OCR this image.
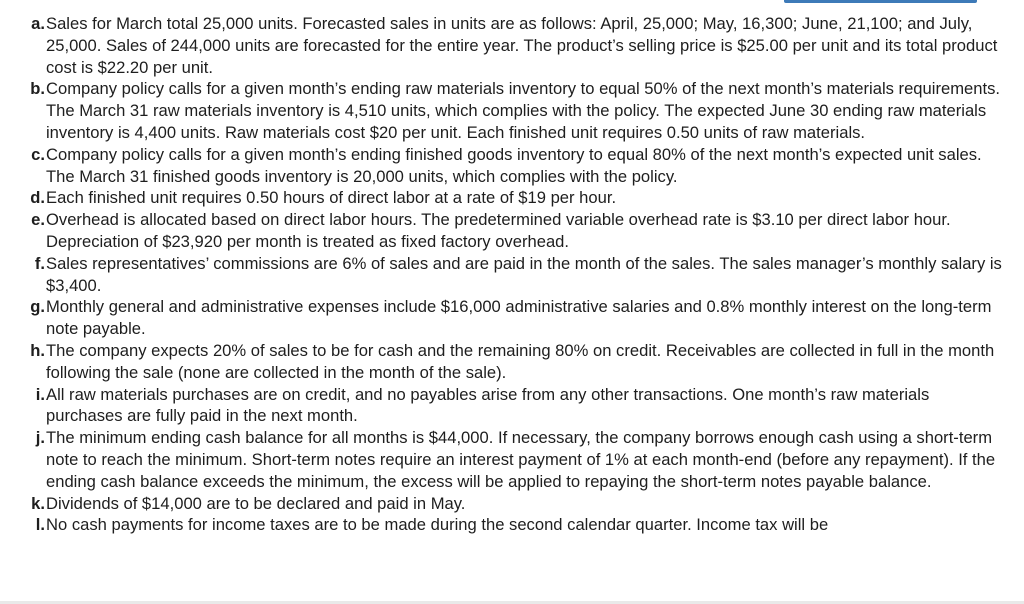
a. Sales for March total 25,000 units. Forecasted sales in units are as follows: April, 25,000; May, 16,300; June, 21,100; and July, 25,000. Sales of 244,000 units are forecasted for the entire year. The product’s selling price is $25.00 per unit and its total product cost is $22.20 per unit.
b. Company policy calls for a given month’s ending raw materials inventory to equal 50% of the next month’s materials requirements. The March 31 raw materials inventory is 4,510 units, which complies with the policy. The expected June 30 ending raw materials inventory is 4,400 units. Raw materials cost $20 per unit. Each finished unit requires 0.50 units of raw materials.
c. Company policy calls for a given month’s ending finished goods inventory to equal 80% of the next month’s expected unit sales. The March 31 finished goods inventory is 20,000 units, which complies with the policy.
d. Each finished unit requires 0.50 hours of direct labor at a rate of $19 per hour.
e. Overhead is allocated based on direct labor hours. The predetermined variable overhead rate is $3.10 per direct labor hour. Depreciation of $23,920 per month is treated as fixed factory overhead.
f. Sales representatives’ commissions are 6% of sales and are paid in the month of the sales. The sales manager’s monthly salary is $3,400.
g. Monthly general and administrative expenses include $16,000 administrative salaries and 0.8% monthly interest on the long-term note payable.
h. The company expects 20% of sales to be for cash and the remaining 80% on credit. Receivables are collected in full in the month following the sale (none are collected in the month of the sale).
i. All raw materials purchases are on credit, and no payables arise from any other transactions. One month’s raw materials purchases are fully paid in the next month.
j. The minimum ending cash balance for all months is $44,000. If necessary, the company borrows enough cash using a short-term note to reach the minimum. Short-term notes require an interest payment of 1% at each month-end (before any repayment). If the ending cash balance exceeds the minimum, the excess will be applied to repaying the short-term notes payable balance.
k. Dividends of $14,000 are to be declared and paid in May.
l. No cash payments for income taxes are to be made during the second calendar quarter. Income tax will be
